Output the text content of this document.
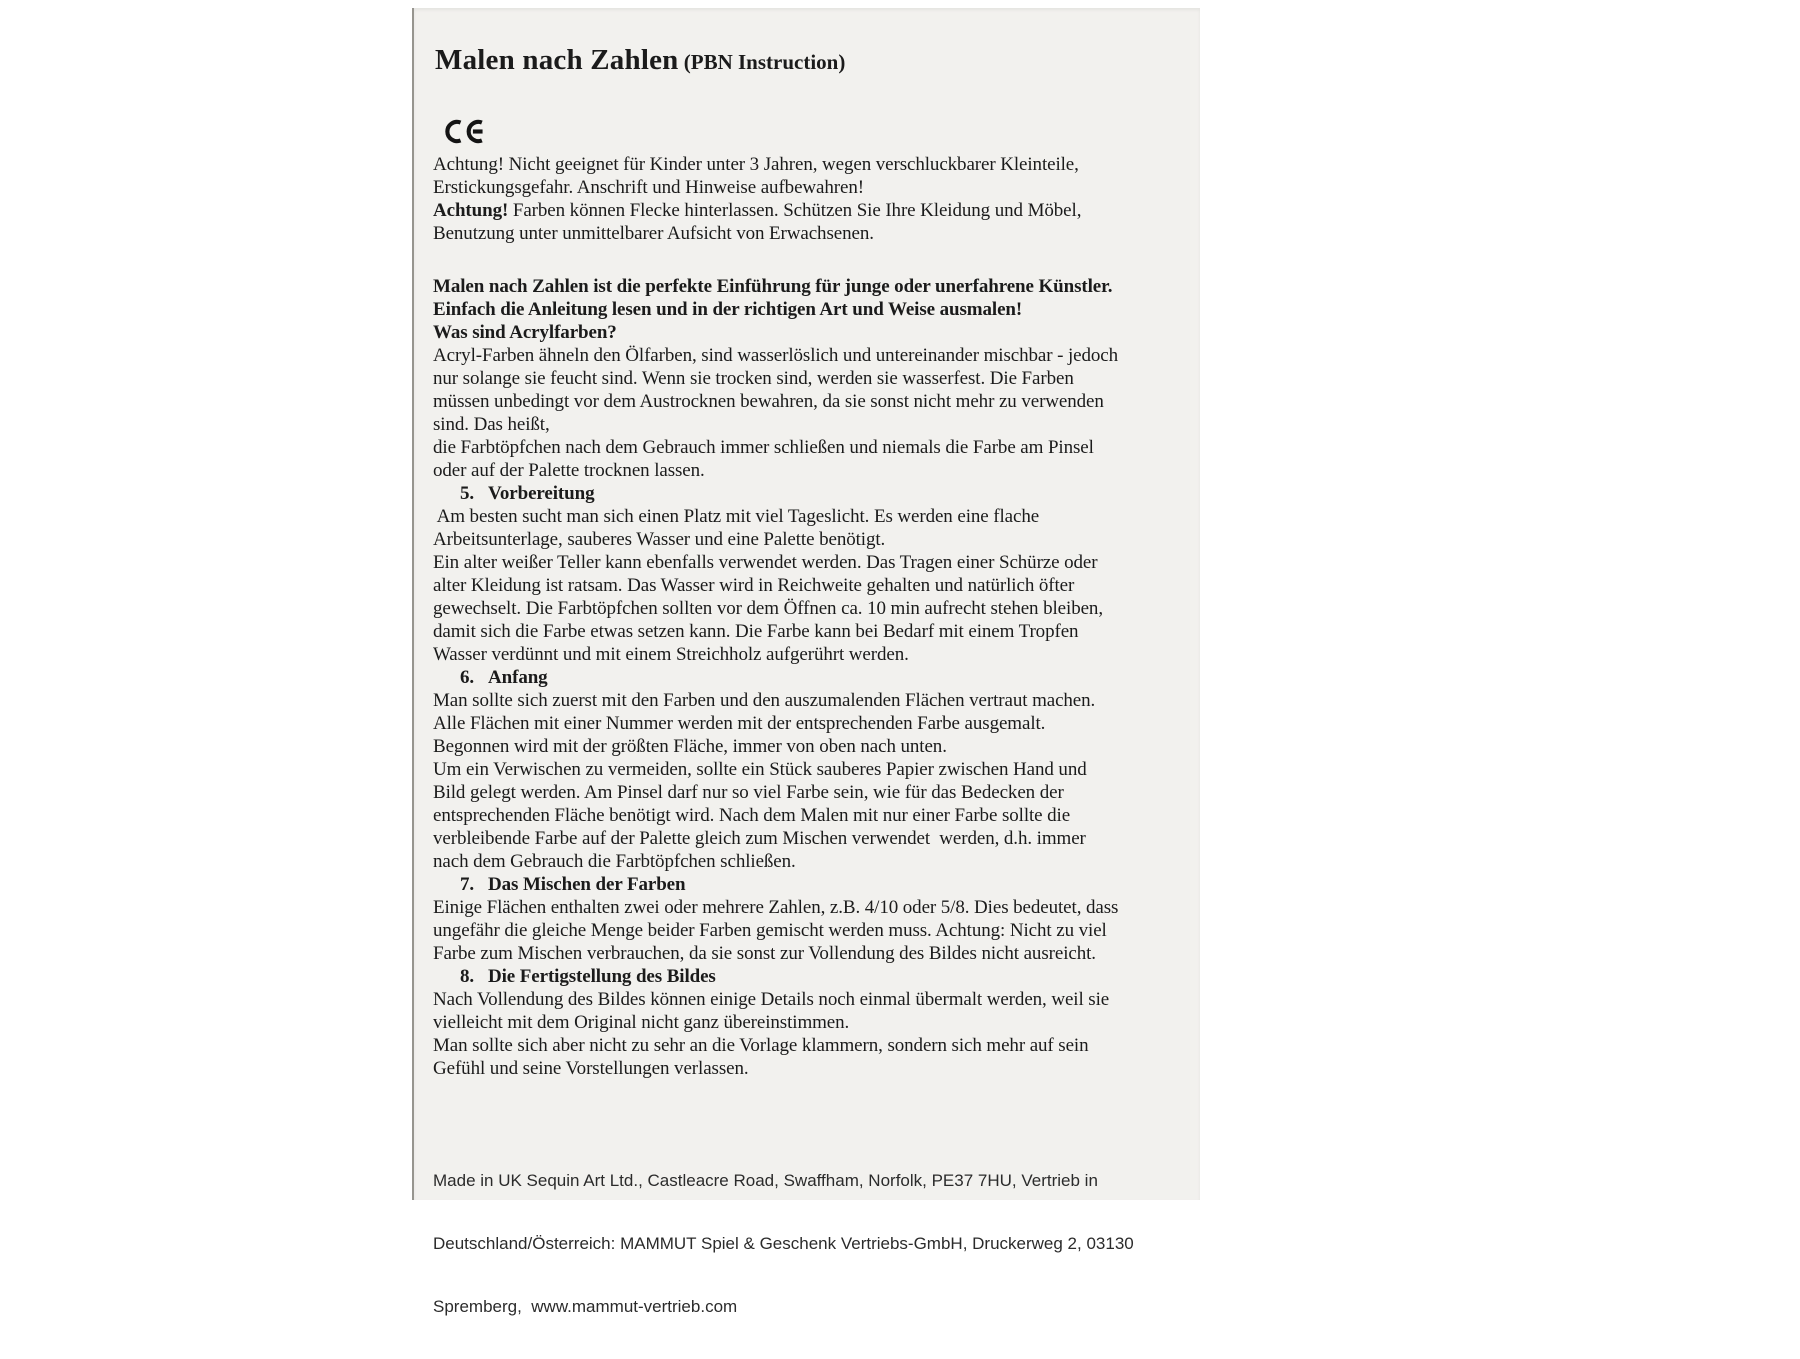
Malen nach Zahlen (PBN Instruction)

Achtung! Nicht geeignet für Kinder unter 3 Jahren, wegen verschluckbarer Kleinteile,
Erstickungsgefahr. Anschrift und Hinweise aufbewahren!
Achtung! Farben können Flecke hinterlassen. Schützen Sie Ihre Kleidung und Möbel,
Benutzung unter unmittelbarer Aufsicht von Erwachsenen.
Malen nach Zahlen ist die perfekte Einführung für junge oder unerfahrene Künstler.
Einfach die Anleitung lesen und in der richtigen Art und Weise ausmalen!
Was sind Acrylfarben?
Acryl-Farben ähneln den Ölfarben, sind wasserlöslich und untereinander mischbar - jedoch
nur solange sie feucht sind. Wenn sie trocken sind, werden sie wasserfest. Die Farben
müssen unbedingt vor dem Austrocknen bewahren, da sie sonst nicht mehr zu verwenden
sind. Das heißt,
die Farbtöpfchen nach dem Gebrauch immer schließen und niemals die Farbe am Pinsel
oder auf der Palette trocknen lassen.
5.   Vorbereitung
Am besten sucht man sich einen Platz mit viel Tageslicht. Es werden eine flache
Arbeitsunterlage, sauberes Wasser und eine Palette benötigt.
Ein alter weißer Teller kann ebenfalls verwendet werden. Das Tragen einer Schürze oder
alter Kleidung ist ratsam. Das Wasser wird in Reichweite gehalten und natürlich öfter
gewechselt. Die Farbtöpfchen sollten vor dem Öffnen ca. 10 min aufrecht stehen bleiben,
damit sich die Farbe etwas setzen kann. Die Farbe kann bei Bedarf mit einem Tropfen
Wasser verdünnt und mit einem Streichholz aufgerührt werden.
6.   Anfang
Man sollte sich zuerst mit den Farben und den auszumalenden Flächen vertraut machen.
Alle Flächen mit einer Nummer werden mit der entsprechenden Farbe ausgemalt.
Begonnen wird mit der größten Fläche, immer von oben nach unten.
Um ein Verwischen zu vermeiden, sollte ein Stück sauberes Papier zwischen Hand und
Bild gelegt werden. Am Pinsel darf nur so viel Farbe sein, wie für das Bedecken der
entsprechenden Fläche benötigt wird. Nach dem Malen mit nur einer Farbe sollte die
verbleibende Farbe auf der Palette gleich zum Mischen verwendet  werden, d.h. immer
nach dem Gebrauch die Farbtöpfchen schließen.
7.   Das Mischen der Farben
Einige Flächen enthalten zwei oder mehrere Zahlen, z.B. 4/10 oder 5/8. Dies bedeutet, dass
ungefähr die gleiche Menge beider Farben gemischt werden muss. Achtung: Nicht zu viel
Farbe zum Mischen verbrauchen, da sie sonst zur Vollendung des Bildes nicht ausreicht.
8.   Die Fertigstellung des Bildes
Nach Vollendung des Bildes können einige Details noch einmal übermalt werden, weil sie
vielleicht mit dem Original nicht ganz übereinstimmen.
Man sollte sich aber nicht zu sehr an die Vorlage klammern, sondern sich mehr auf sein
Gefühl und seine Vorstellungen verlassen.

Made in UK Sequin Art Ltd., Castleacre Road, Swaffham, Norfolk, PE37 7HU, Vertrieb in

Deutschland/Österreich: MAMMUT Spiel & Geschenk Vertriebs-GmbH, Druckerweg 2, 03130

Spremberg,  www.mammut-vertrieb.com
